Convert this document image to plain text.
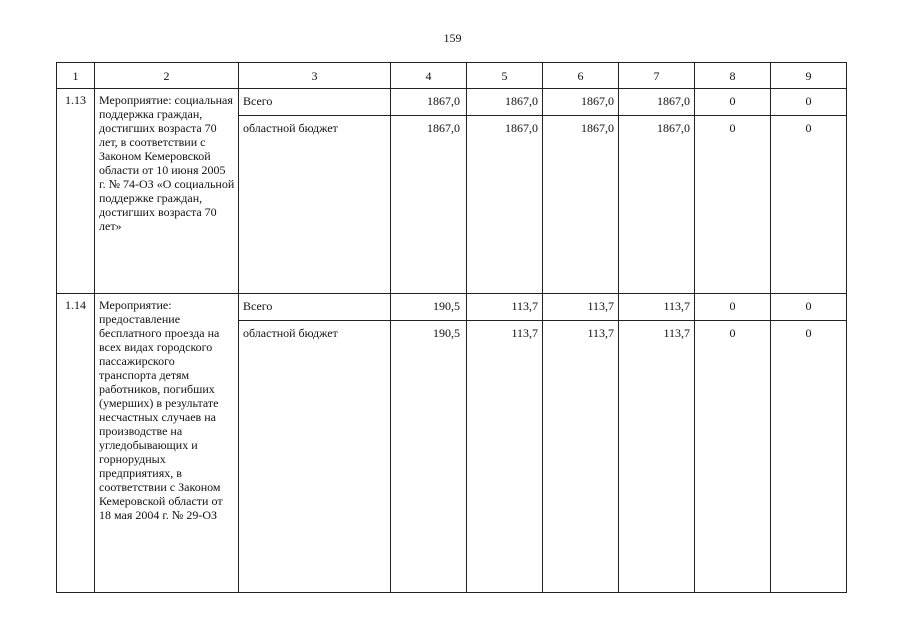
159
1	2	3	4	5	6	7	8	9
1.13	Мероприятие: социальная поддержка граждан, достигших возраста 70 лет, в соответствии с Законом Кемеровской области от 10 июня 2005 г. № 74-ОЗ «О социальной поддержке граждан, достигших возраста 70 лет»	Всего	1867,0	1867,0	1867,0	1867,0	0	0
		областной бюджет	1867,0	1867,0	1867,0	1867,0	0	0
1.14	Мероприятие: предоставление бесплатного проезда на всех видах городского пассажирского транспорта детям работников, погибших (умерших) в результате несчастных случаев на производстве на угледобывающих и горнорудных предприятиях, в соответствии с Законом Кемеровской области от 18 мая 2004 г. № 29-ОЗ	Всего	190,5	113,7	113,7	113,7	0	0
		областной бюджет	190,5	113,7	113,7	113,7	0	0
